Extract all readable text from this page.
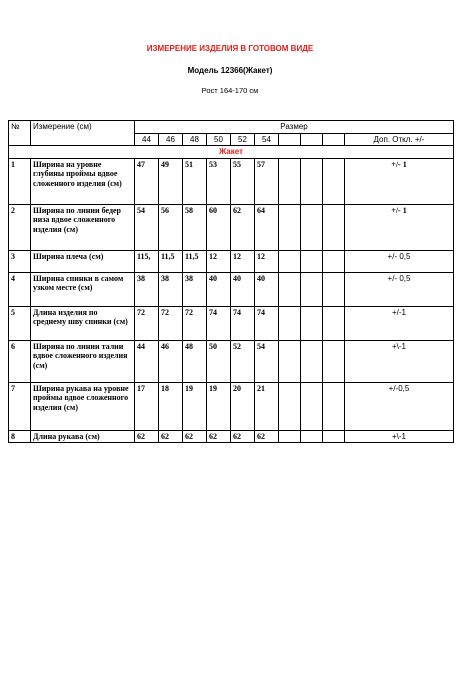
ИЗМЕРЕНИЕ ИЗДЕЛИЯ В ГОТОВОМ ВИДЕ
Модель 12366(Жакет)
Рост 164-170 см
№	Измерение (см)	Размер									
		44	46	48	50	52	54				Доп. Откл. +/-
Жакет											
1	Ширина на уровне глубины проймы вдвое сложенного изделия (см)	47	49	51	53	55	57				+/- 1
2	Ширина по линии бедер низа вдвое сложенного изделия (см)	54	56	58	60	62	64				+/- 1
3	Ширина плеча (см)	115,	11,5	11,5	12	12	12				+/- 0,5
4	Ширина спинки в самом узком месте (см)	38	38	38	40	40	40				+/- 0,5
5	Длина изделия по среднему шву спинки (см)	72	72	72	74	74	74				+/-1
6	Ширина по линии талии вдвое сложенного изделия (см)	44	46	48	50	52	54				+\-1
7	Ширина рукава на уровне проймы вдвое сложенного изделия (см)	17	18	19	19	20	21				+/-0,5
8	Длина рукава (см)	62	62	62	62	62	62				+\-1
